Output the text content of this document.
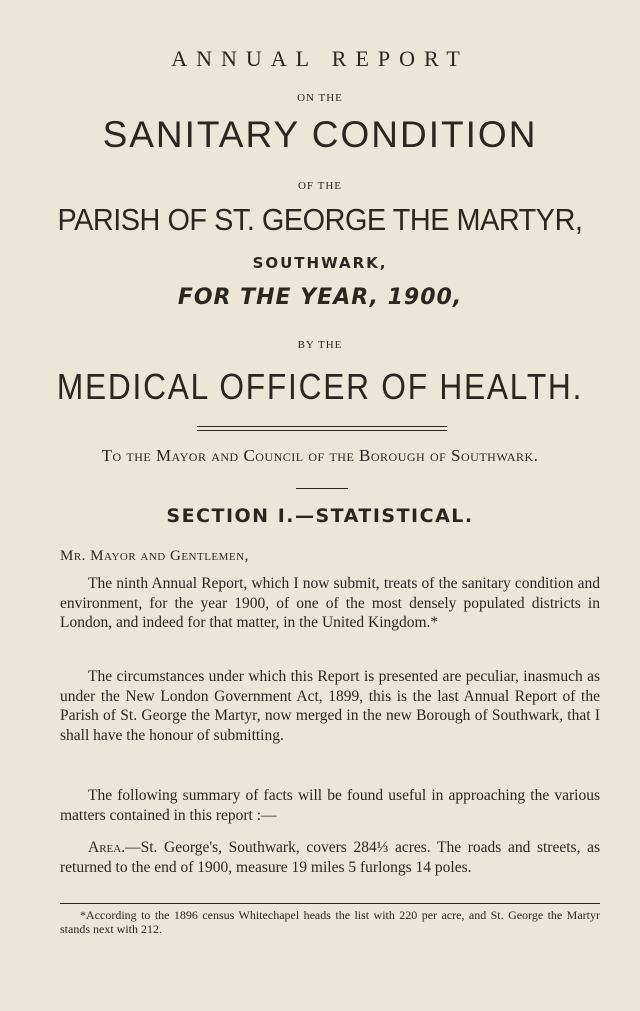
ANNUAL REPORT
ON THE
SANITARY CONDITION
OF THE
PARISH OF ST. GEORGE THE MARTYR,
SOUTHWARK,
FOR THE YEAR, 1900,
BY THE
MEDICAL OFFICER OF HEALTH.
To the Mayor and Council of the Borough of Southwark.
SECTION I.—STATISTICAL.
Mr. Mayor and Gentlemen,

The ninth Annual Report, which I now submit, treats of the sanitary condition and environment, for the year 1900, of one of the most densely populated districts in London, and indeed for that matter, in the United Kingdom.*

The circumstances under which this Report is presented are peculiar, inasmuch as under the New London Government Act, 1899, this is the last Annual Report of the Parish of St. George the Martyr, now merged in the new Borough of Southwark, that I shall have the honour of submitting.

The following summary of facts will be found useful in approaching the various matters contained in this report :—

Area.—St. George's, Southwark, covers 284⅓ acres. The roads and streets, as returned to the end of 1900, measure 19 miles 5 furlongs 14 poles.

*According to the 1896 census Whitechapel heads the list with 220 per acre, and St. George the Martyr stands next with 212.
